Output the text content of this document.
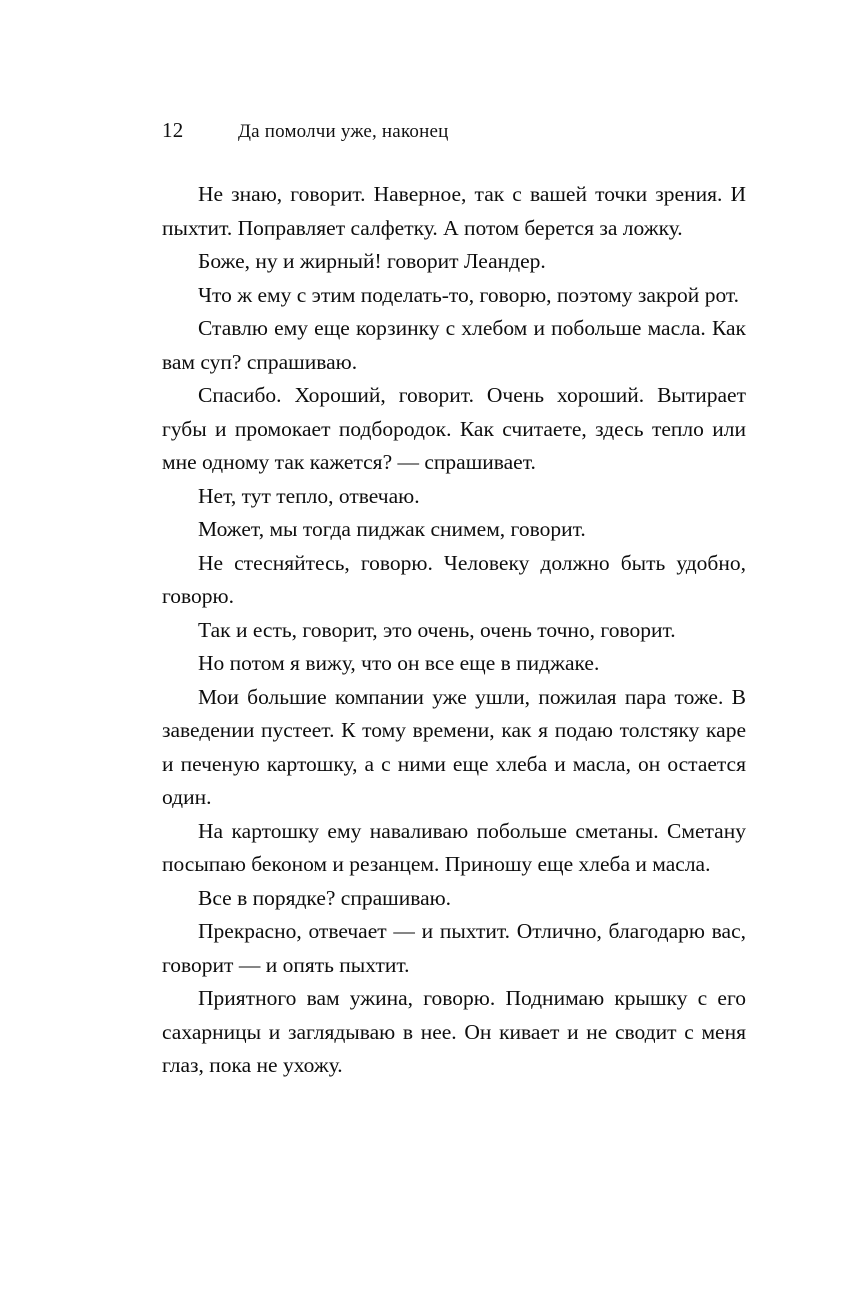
12	Да помолчи уже, наконец

Не знаю, говорит. Наверное, так с вашей точки зрения. И пыхтит. Поправляет салфетку. А потом берется за ложку.

Боже, ну и жирный! говорит Леандер.

Что ж ему с этим поделать-то, говорю, поэтому закрой рот.

Ставлю ему еще корзинку с хлебом и побольше масла. Как вам суп? спрашиваю.

Спасибо. Хороший, говорит. Очень хороший. Вытирает губы и промокает подбородок. Как считаете, здесь тепло или мне одному так кажется? — спрашивает.

Нет, тут тепло, отвечаю.

Может, мы тогда пиджак снимем, говорит.

Не стесняйтесь, говорю. Человеку должно быть удобно, говорю.

Так и есть, говорит, это очень, очень точно, говорит.

Но потом я вижу, что он все еще в пиджаке.

Мои большие компании уже ушли, пожилая пара тоже. В заведении пустеет. К тому времени, как я подаю толстяку каре и печеную картошку, а с ними еще хлеба и масла, он остается один.

На картошку ему наваливаю побольше сметаны. Сметану посыпаю беконом и резанцем. Приношу еще хлеба и масла.

Все в порядке? спрашиваю.

Прекрасно, отвечает — и пыхтит. Отлично, благодарю вас, говорит — и опять пыхтит.

Приятного вам ужина, говорю. Поднимаю крышку с его сахарницы и заглядываю в нее. Он кивает и не сводит с меня глаз, пока не ухожу.
